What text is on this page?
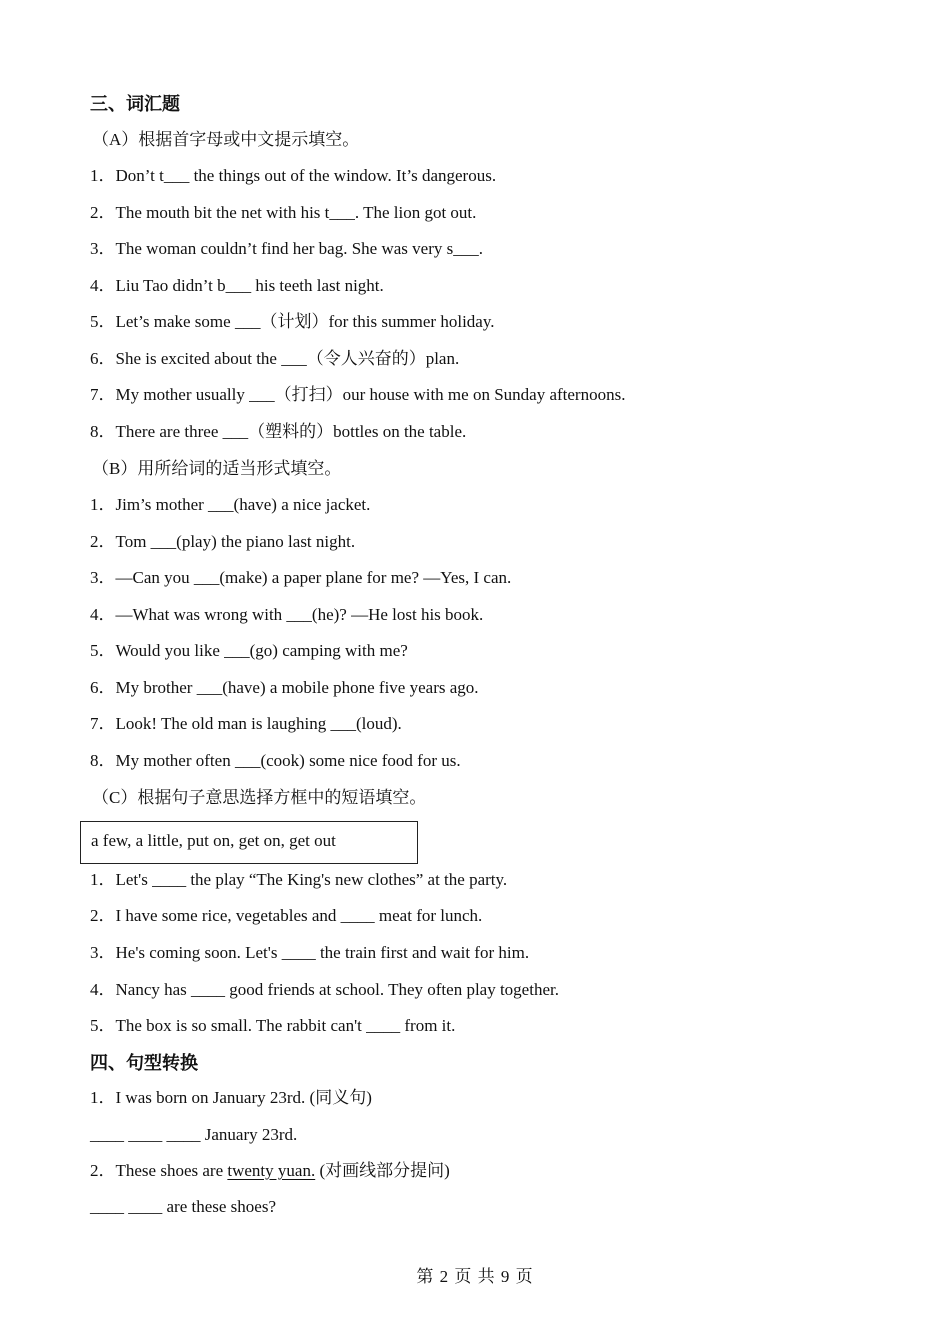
三、词汇题
（A）根据首字母或中文提示填空。
1．Don’t t___ the things out of the window. It’s dangerous.
2．The mouth bit the net with his t___. The lion got out.
3．The woman couldn’t find her bag. She was very s___.
4．Liu Tao didn’t b___ his teeth last night.
5．Let’s make some ___（计划）for this summer holiday.
6．She is excited about the ___（令人兴奋的）plan.
7．My mother usually ___（打扫）our house with me on Sunday afternoons.
8．There are three ___（塑料的）bottles on the table.
（B）用所给词的适当形式填空。
1．Jim’s mother ___(have) a nice jacket.
2．Tom ___(play) the piano last night.
3．—Can you ___(make) a paper plane for me? —Yes, I can.
4．—What was wrong with ___(he)? —He lost his book.
5．Would you like ___(go) camping with me?
6．My brother ___(have) a mobile phone five years ago.
7．Look! The old man is laughing ___(loud).
8．My mother often ___(cook) some nice food for us.
（C）根据句子意思选择方框中的短语填空。
a few, a little, put on, get on, get out
1．Let's ____ the play “The King's new clothes” at the party.
2．I have some rice, vegetables and ____ meat for lunch.
3．He's coming soon. Let's ____ the train first and wait for him.
4．Nancy has ____ good friends at school. They often play together.
5．The box is so small. The rabbit can't ____ from it.
四、句型转换
1．I was born on January 23rd. (同义句)
____ ____ ____ January 23rd.
2．These shoes are twenty yuan. (对画线部分提问)
____ ____ are these shoes?
第 2 页 共 9 页
